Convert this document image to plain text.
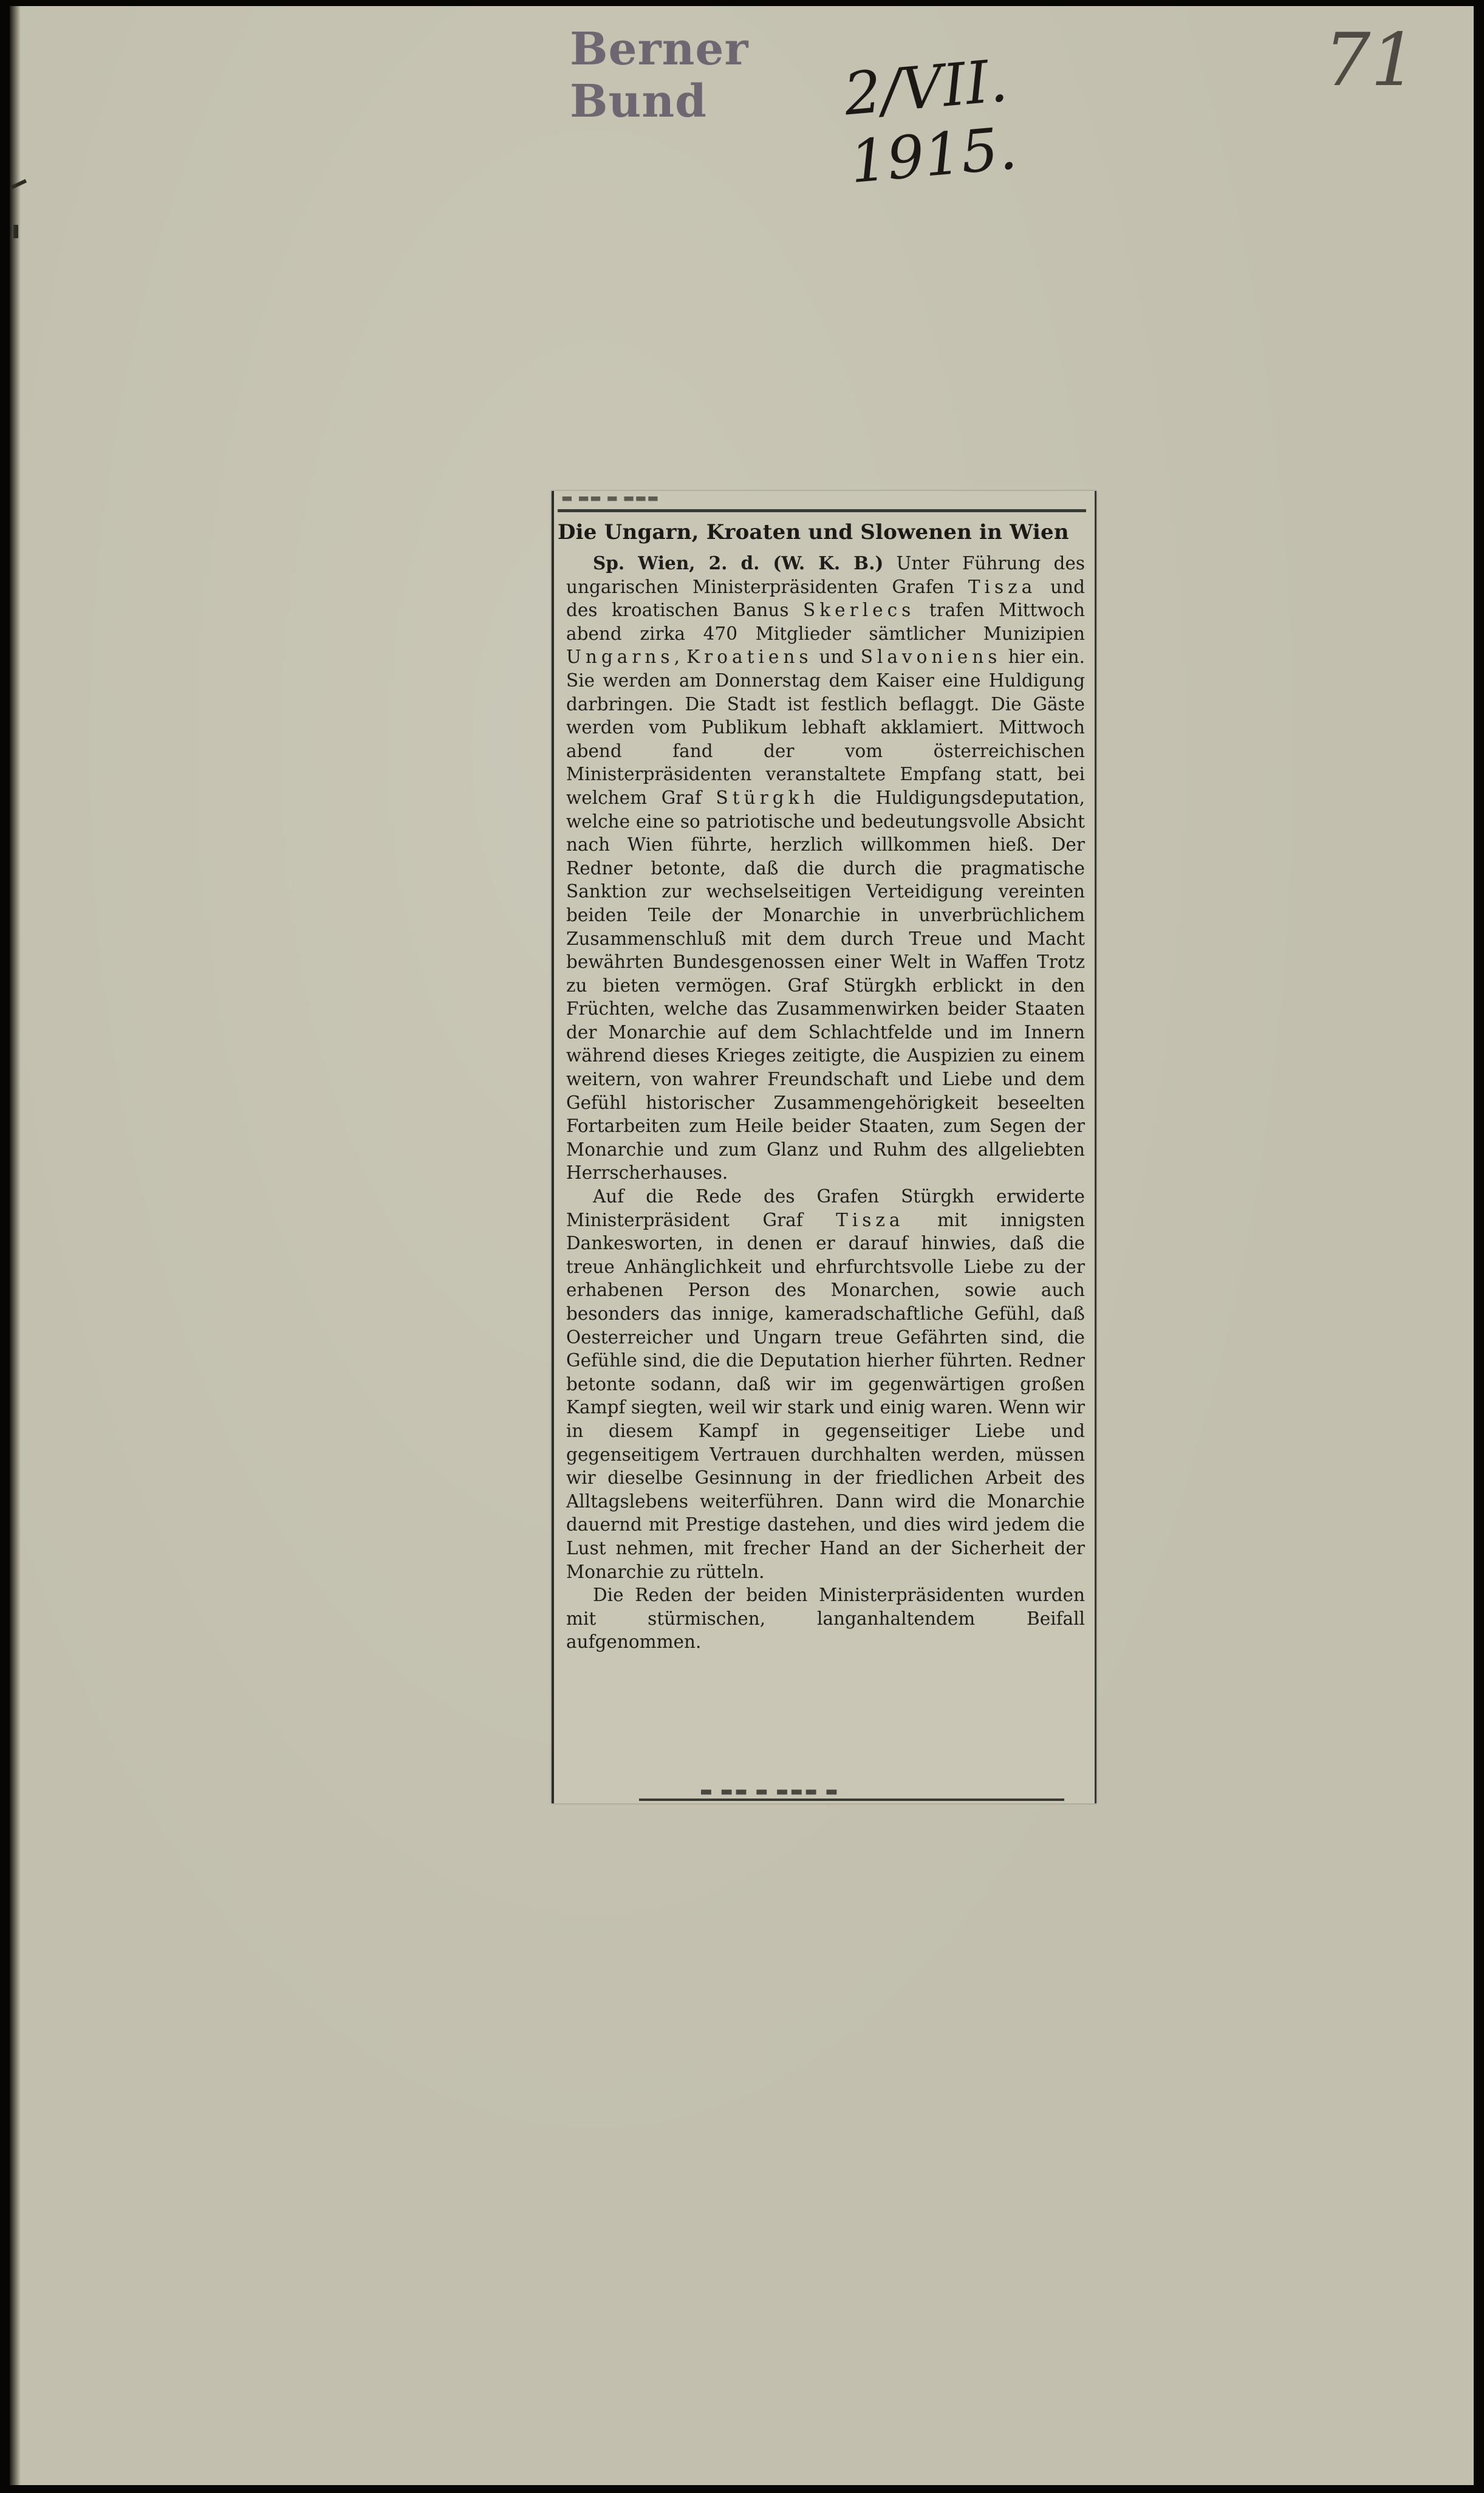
Berner Bund	2/VII. 1915.
71
▬ ▬▬ ▬ ▬▬▬
Die Ungarn, Kroaten und Slowenen in Wien

Sp. Wien, 2. d. (W. K. B.) Unter Führung des ungarischen Ministerpräsidenten Grafen Tisza und des kroatischen Banus Skerlecs trafen Mittwoch abend zirka 470 Mitglieder sämtlicher Munizipien Ungarns, Kroatiens und Slavoniens hier ein. Sie werden am Donnerstag dem Kaiser eine Huldigung darbringen. Die Stadt ist festlich beflaggt. Die Gäste werden vom Publikum lebhaft akklamiert. Mittwoch abend fand der vom österreichischen Ministerpräsidenten veranstaltete Empfang statt, bei welchem Graf Stürgkh die Huldigungsdeputation, welche eine so patriotische und bedeutungsvolle Absicht nach Wien führte, herzlich willkommen hieß. Der Redner betonte, daß die durch die pragmatische Sanktion zur wechselseitigen Verteidigung vereinten beiden Teile der Monarchie in unverbrüchlichem Zusammenschluß mit dem durch Treue und Macht bewährten Bundesgenossen einer Welt in Waffen Trotz zu bieten vermögen. Graf Stürgkh erblickt in den Früchten, welche das Zusammenwirken beider Staaten der Monarchie auf dem Schlachtfelde und im Innern während dieses Krieges zeitigte, die Auspizien zu einem weitern, von wahrer Freundschaft und Liebe und dem Gefühl historischer Zusammengehörigkeit beseelten Fortarbeiten zum Heile beider Staaten, zum Segen der Monarchie und zum Glanz und Ruhm des allgeliebten Herrscherhauses.

Auf die Rede des Grafen Stürgkh erwiderte Ministerpräsident Graf Tisza mit innigsten Dankesworten, in denen er darauf hinwies, daß die treue Anhänglichkeit und ehrfurchtsvolle Liebe zu der erhabenen Person des Monarchen, sowie auch besonders das innige, kameradschaftliche Gefühl, daß Oesterreicher und Ungarn treue Gefährten sind, die Gefühle sind, die die Deputation hierher führten. Redner betonte sodann, daß wir im gegenwärtigen großen Kampf siegten, weil wir stark und einig waren. Wenn wir in diesem Kampf in gegenseitiger Liebe und gegenseitigem Vertrauen durchhalten werden, müssen wir dieselbe Gesinnung in der friedlichen Arbeit des Alltagslebens weiterführen. Dann wird die Monarchie dauernd mit Prestige dastehen, und dies wird jedem die Lust nehmen, mit frecher Hand an der Sicherheit der Monarchie zu rütteln.

Die Reden der beiden Ministerpräsidenten wurden mit stürmischen, langanhaltendem Beifall aufgenommen.

▬ ▬▬ ▬ ▬▬▬ ▬
